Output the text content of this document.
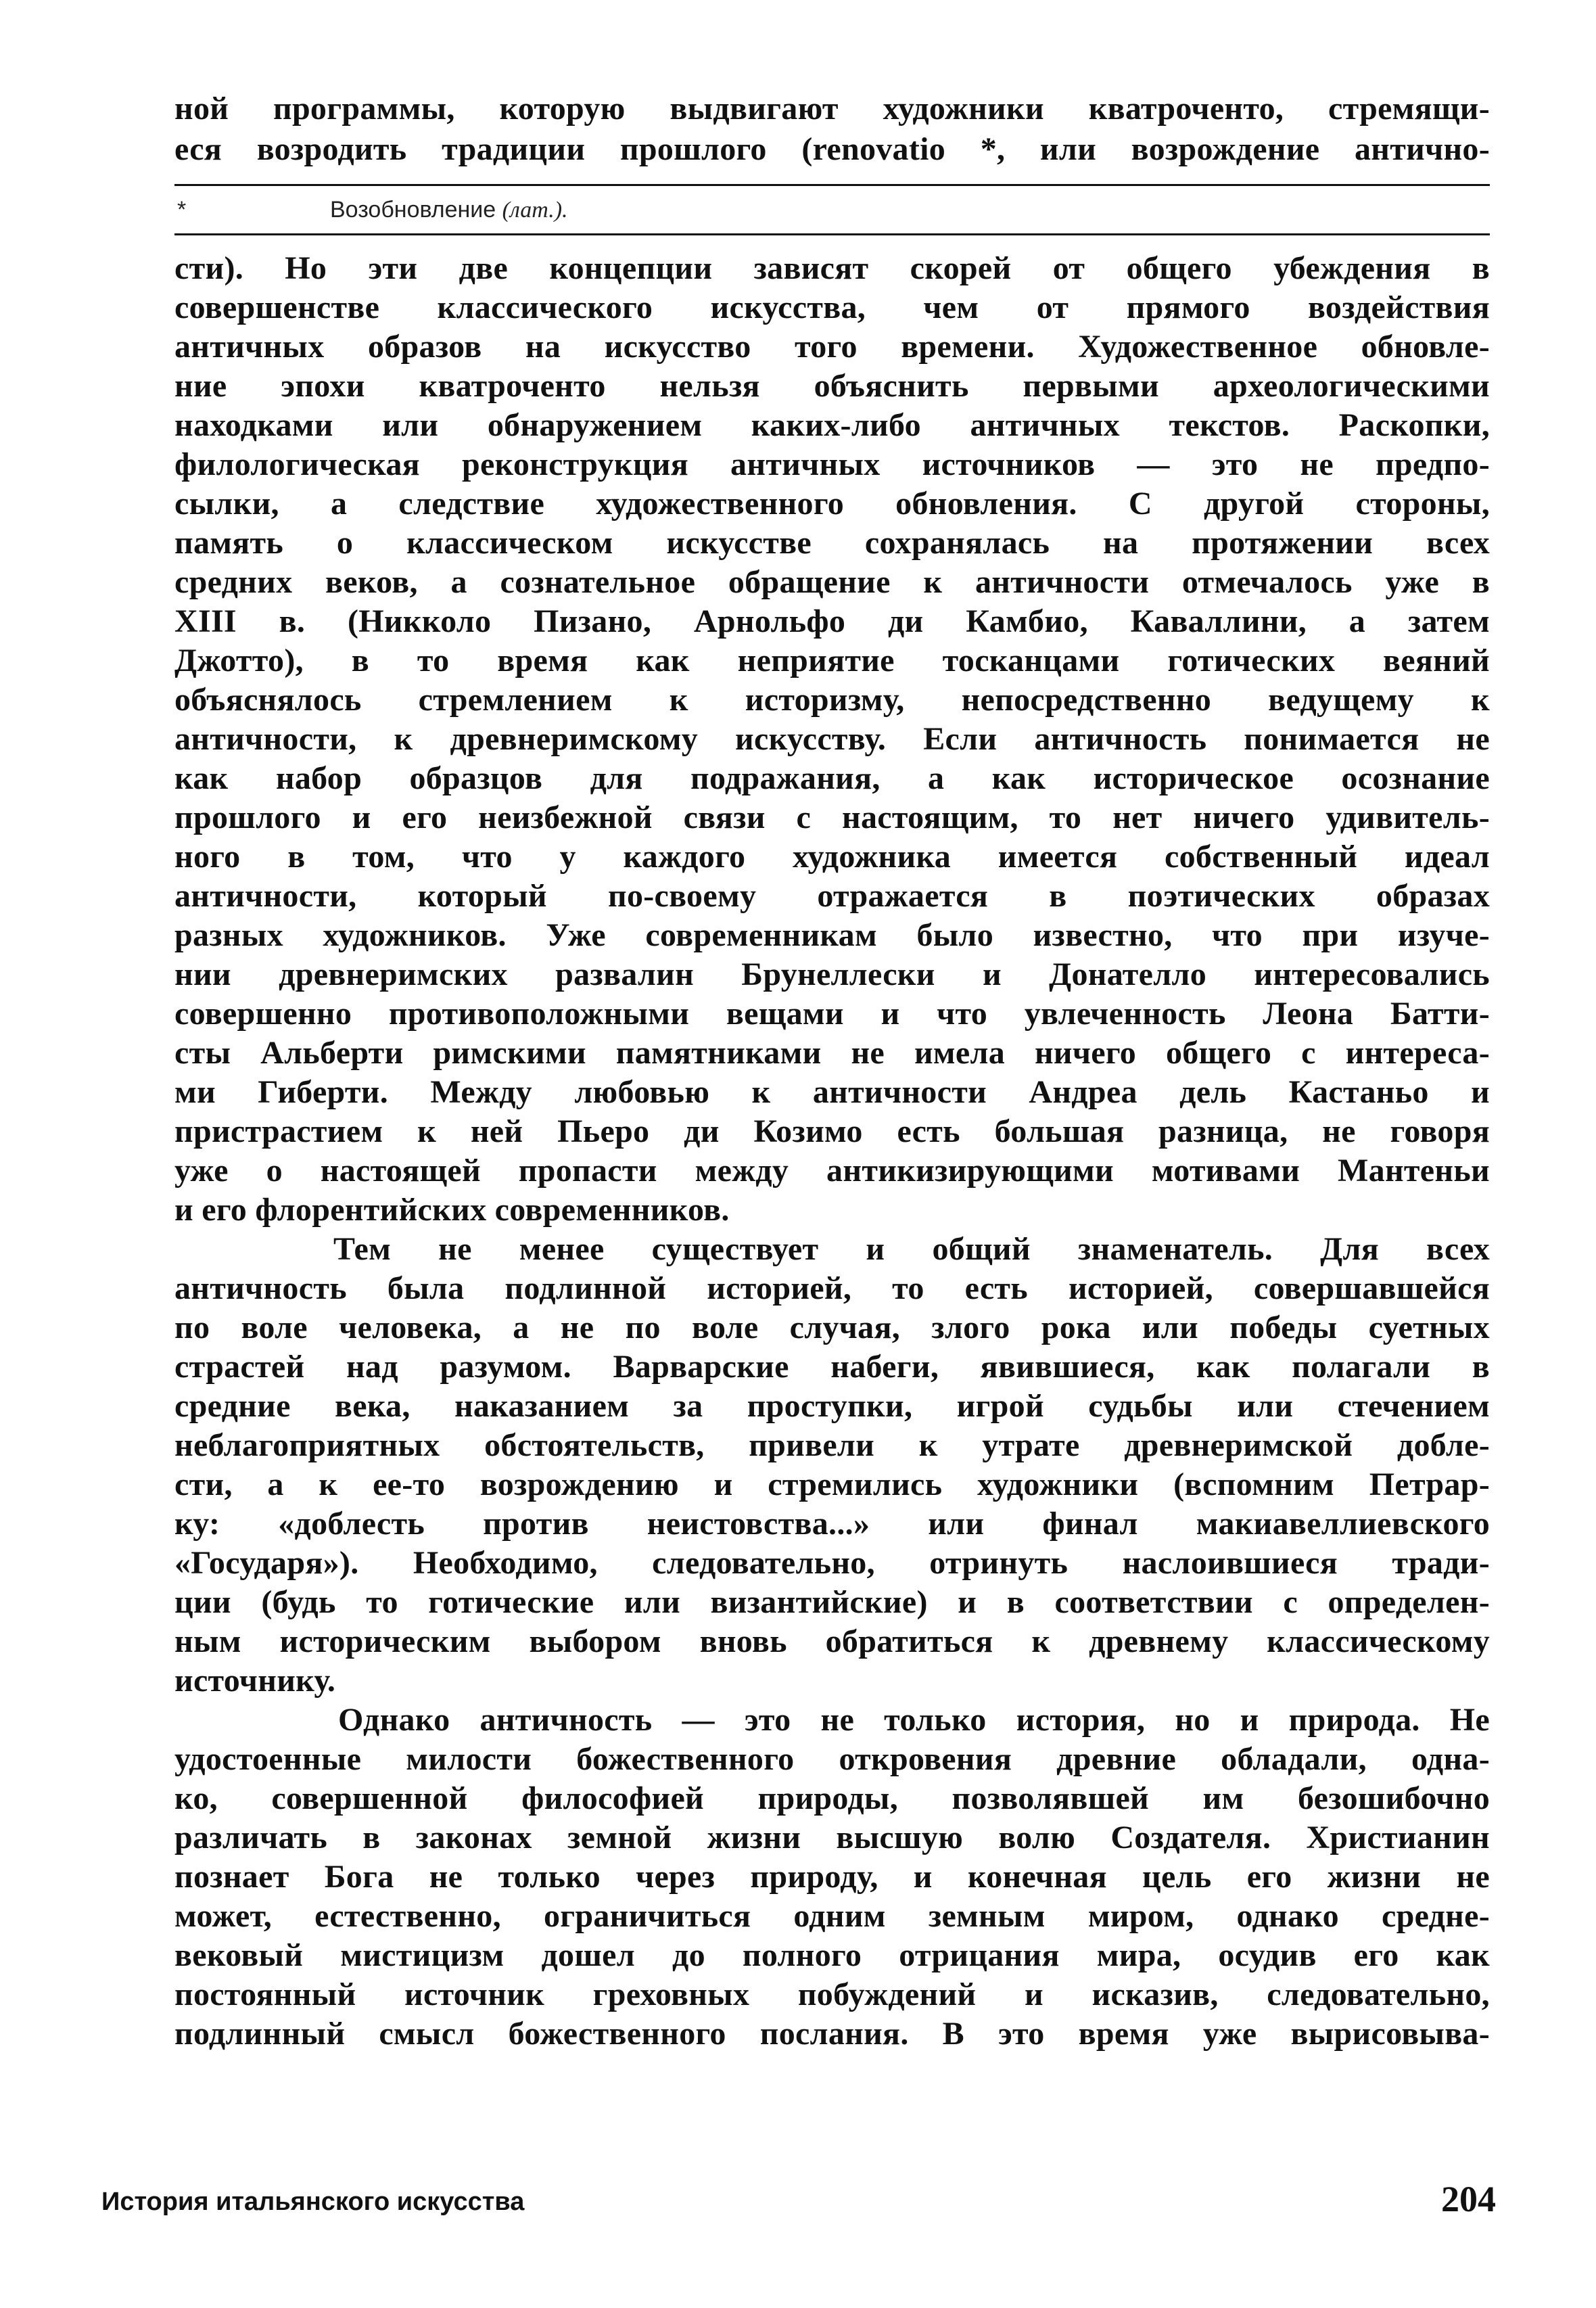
ной программы, которую выдвигают художники кватроченто, стремящи-
еся возродить традиции прошлого (renovatio *, или возрождение антично-
*	Возобновление (лат.).
сти). Но эти две концепции зависят скорей от общего убеждения в
совершенстве классического искусства, чем от прямого воздействия
античных образов на искусство того времени. Художественное обновле-
ние эпохи кватроченто нельзя объяснить первыми археологическими
находками или обнаружением каких-либо античных текстов. Раскопки,
филологическая реконструкция античных источников — это не предпо-
сылки, а следствие художественного обновления. С другой стороны,
память о классическом искусстве сохранялась на протяжении всех
средних веков, а сознательное обращение к античности отмечалось уже в
XIII в. (Никколо Пизано, Арнольфо ди Камбио, Каваллини, а затем
Джотто), в то время как неприятие тосканцами готических веяний
объяснялось стремлением к историзму, непосредственно ведущему к
античности, к древнеримскому искусству. Если античность понимается не
как набор образцов для подражания, а как историческое осознание
прошлого и его неизбежной связи с настоящим, то нет ничего удивитель-
ного в том, что у каждого художника имеется собственный идеал
античности, который по-своему отражается в поэтических образах
разных художников. Уже современникам было известно, что при изуче-
нии древнеримских развалин Брунеллески и Донателло интересовались
совершенно противоположными вещами и что увлеченность Леона Батти-
сты Альберти римскими памятниками не имела ничего общего с интереса-
ми Гиберти. Между любовью к античности Андреа дель Кастаньо и
пристрастием к ней Пьеро ди Козимо есть большая разница, не говоря
уже о настоящей пропасти между антикизирующими мотивами Мантеньи
и его флорентийских современников.
Тем не менее существует и общий знаменатель. Для всех
античность была подлинной историей, то есть историей, совершавшейся
по воле человека, а не по воле случая, злого рока или победы суетных
страстей над разумом. Варварские набеги, явившиеся, как полагали в
средние века, наказанием за проступки, игрой судьбы или стечением
неблагоприятных обстоятельств, привели к утрате древнеримской добле-
сти, а к ее-то возрождению и стремились художники (вспомним Петрар-
ку: «доблесть против неистовства...» или финал макиавеллиевского
«Государя»). Необходимо, следовательно, отринуть наслоившиеся тради-
ции (будь то готические или византийские) и в соответствии с определен-
ным историческим выбором вновь обратиться к древнему классическому
источнику.
Однако античность — это не только история, но и природа. Не
удостоенные милости божественного откровения древние обладали, одна-
ко, совершенной философией природы, позволявшей им безошибочно
различать в законах земной жизни высшую волю Создателя. Христианин
познает Бога не только через природу, и конечная цель его жизни не
может, естественно, ограничиться одним земным миром, однако средне-
вековый мистицизм дошел до полного отрицания мира, осудив его как
постоянный источник греховных побуждений и исказив, следовательно,
подлинный смысл божественного послания. В это время уже вырисовыва-
История итальянского искусства	204
